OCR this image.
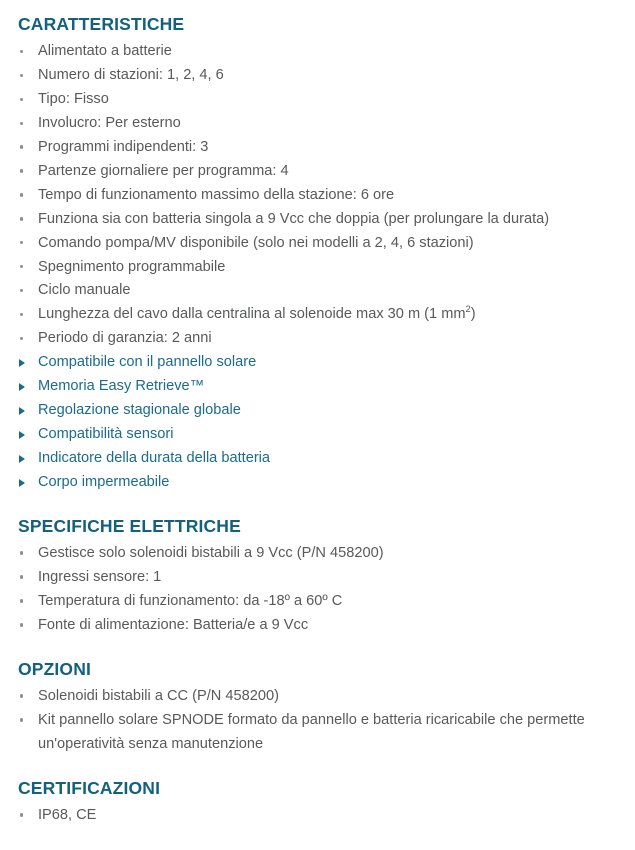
CARATTERISTICHE
Alimentato a batterie
Numero di stazioni: 1, 2, 4, 6
Tipo: Fisso
Involucro: Per esterno
Programmi indipendenti: 3
Partenze giornaliere per programma: 4
Tempo di funzionamento massimo della stazione: 6 ore
Funziona sia con batteria singola a 9 Vcc che doppia (per prolungare la durata)
Comando pompa/MV disponibile (solo nei modelli a 2, 4, 6 stazioni)
Spegnimento programmabile
Ciclo manuale
Lunghezza del cavo dalla centralina al solenoide max 30 m (1 $mm^2$)
Periodo di garanzia: 2 anni
Compatibile con il pannello solare
Memoria Easy Retrieve™
Regolazione stagionale globale
Compatibilità sensori
Indicatore della durata della batteria
Corpo impermeabile
SPECIFICHE ELETTRICHE
Gestisce solo solenoidi bistabili a 9 Vcc (P/N 458200)
Ingressi sensore: 1
Temperatura di funzionamento: da -18º a 60º C
Fonte di alimentazione: Batteria/e a 9 Vcc
OPZIONI
Solenoidi bistabili a CC (P/N 458200)
Kit pannello solare SPNODE formato da pannello e batteria ricaricabile che permette un'operatività senza manutenzione
CERTIFICAZIONI
IP68, CE
